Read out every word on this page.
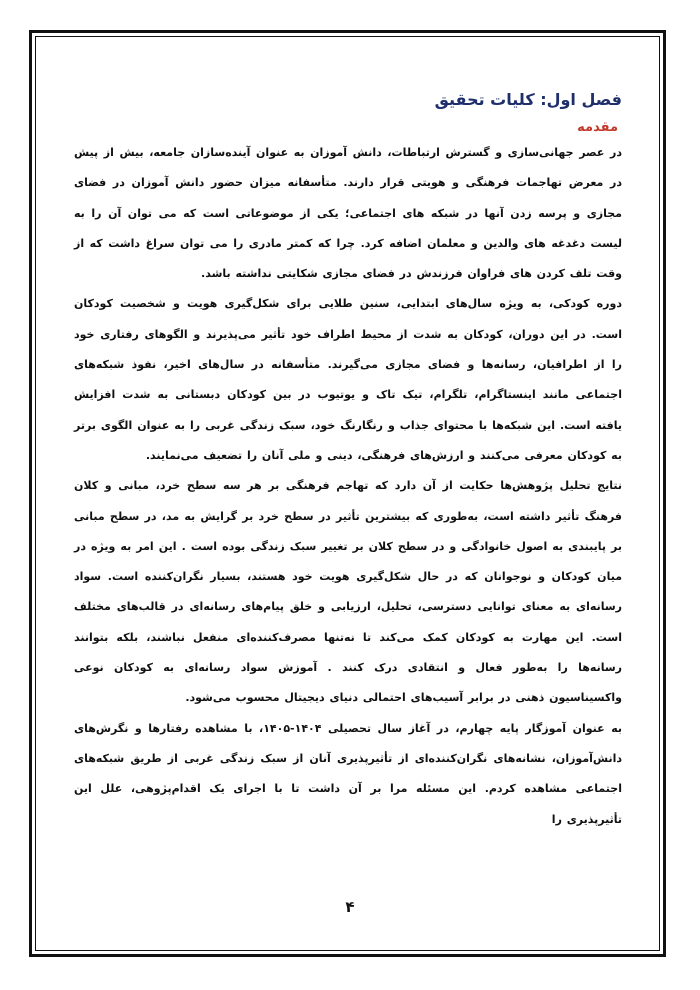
فصل اول: کلیات تحقیق
مقدمه

در عصر جهانی‌سازی و گسترش ارتباطات، دانش آموزان به عنوان آینده‌سازان جامعه، بیش از پیش در معرض تهاجمات فرهنگی و هویتی قرار دارند. متأسفانه میزان حضور دانش آموزان در فضای مجازی و پرسه زدن آنها در شبکه های اجتماعی؛ یکی از موضوعاتی است که می توان آن را به لیست دغدغه های والدین و معلمان اضافه کرد. چرا که کمتر مادری را می توان سراغ داشت که از وقت تلف کردن های فراوان فرزندش در فضای مجازی شکایتی نداشته باشد.

دوره کودکی، به ویژه سال‌های ابتدایی، سنین طلایی برای شکل‌گیری هویت و شخصیت کودکان است. در این دوران، کودکان به شدت از محیط اطراف خود تأثیر می‌پذیرند و الگوهای رفتاری خود را از اطرافیان، رسانه‌ها و فضای مجازی می‌گیرند. متأسفانه در سال‌های اخیر، نفوذ شبکه‌های اجتماعی مانند اینستاگرام، تلگرام، تیک تاک و یوتیوب در بین کودکان دبستانی به شدت افزایش یافته است. این شبکه‌ها با محتوای جذاب و رنگارنگ خود، سبک زندگی غربی را به عنوان الگوی برتر به کودکان معرفی می‌کنند و ارزش‌های فرهنگی، دینی و ملی آنان را تضعیف می‌نمایند.

نتایج تحلیل پژوهش‌ها حکایت از آن دارد که تهاجم فرهنگی بر هر سه سطح خرد، مبانی و کلان فرهنگ تأثیر داشته است، به‌طوری که بیشترین تأثیر در سطح خرد بر گرایش به مد، در سطح مبانی بر پایبندی به اصول خانوادگی و در سطح کلان بر تغییر سبک زندگی بوده است . این امر به ویژه در میان کودکان و نوجوانان که در حال شکل‌گیری هویت خود هستند، بسیار نگران‌کننده است. سواد رسانه‌ای به معنای توانایی دسترسی، تحلیل، ارزیابی و خلق پیام‌های رسانه‌ای در قالب‌های مختلف است. این مهارت به کودکان کمک می‌کند تا نه‌تنها مصرف‌کننده‌ای منفعل نباشند، بلکه بتوانند رسانه‌ها را به‌طور فعال و انتقادی درک کنند . آموزش سواد رسانه‌ای به کودکان نوعی واکسیناسیون ذهنی در برابر آسیب‌های احتمالی دنیای دیجیتال محسوب می‌شود.

به عنوان آموزگار پایه چهارم، در آغاز سال تحصیلی ۱۴۰۴-۱۴۰۵، با مشاهده رفتارها و نگرش‌های دانش‌آموزان، نشانه‌های نگران‌کننده‌ای از تأثیرپذیری آنان از سبک زندگی غربی از طریق شبکه‌های اجتماعی مشاهده کردم. این مسئله مرا بر آن داشت تا با اجرای یک اقدام‌پژوهی، علل این تأثیرپذیری را

۴
